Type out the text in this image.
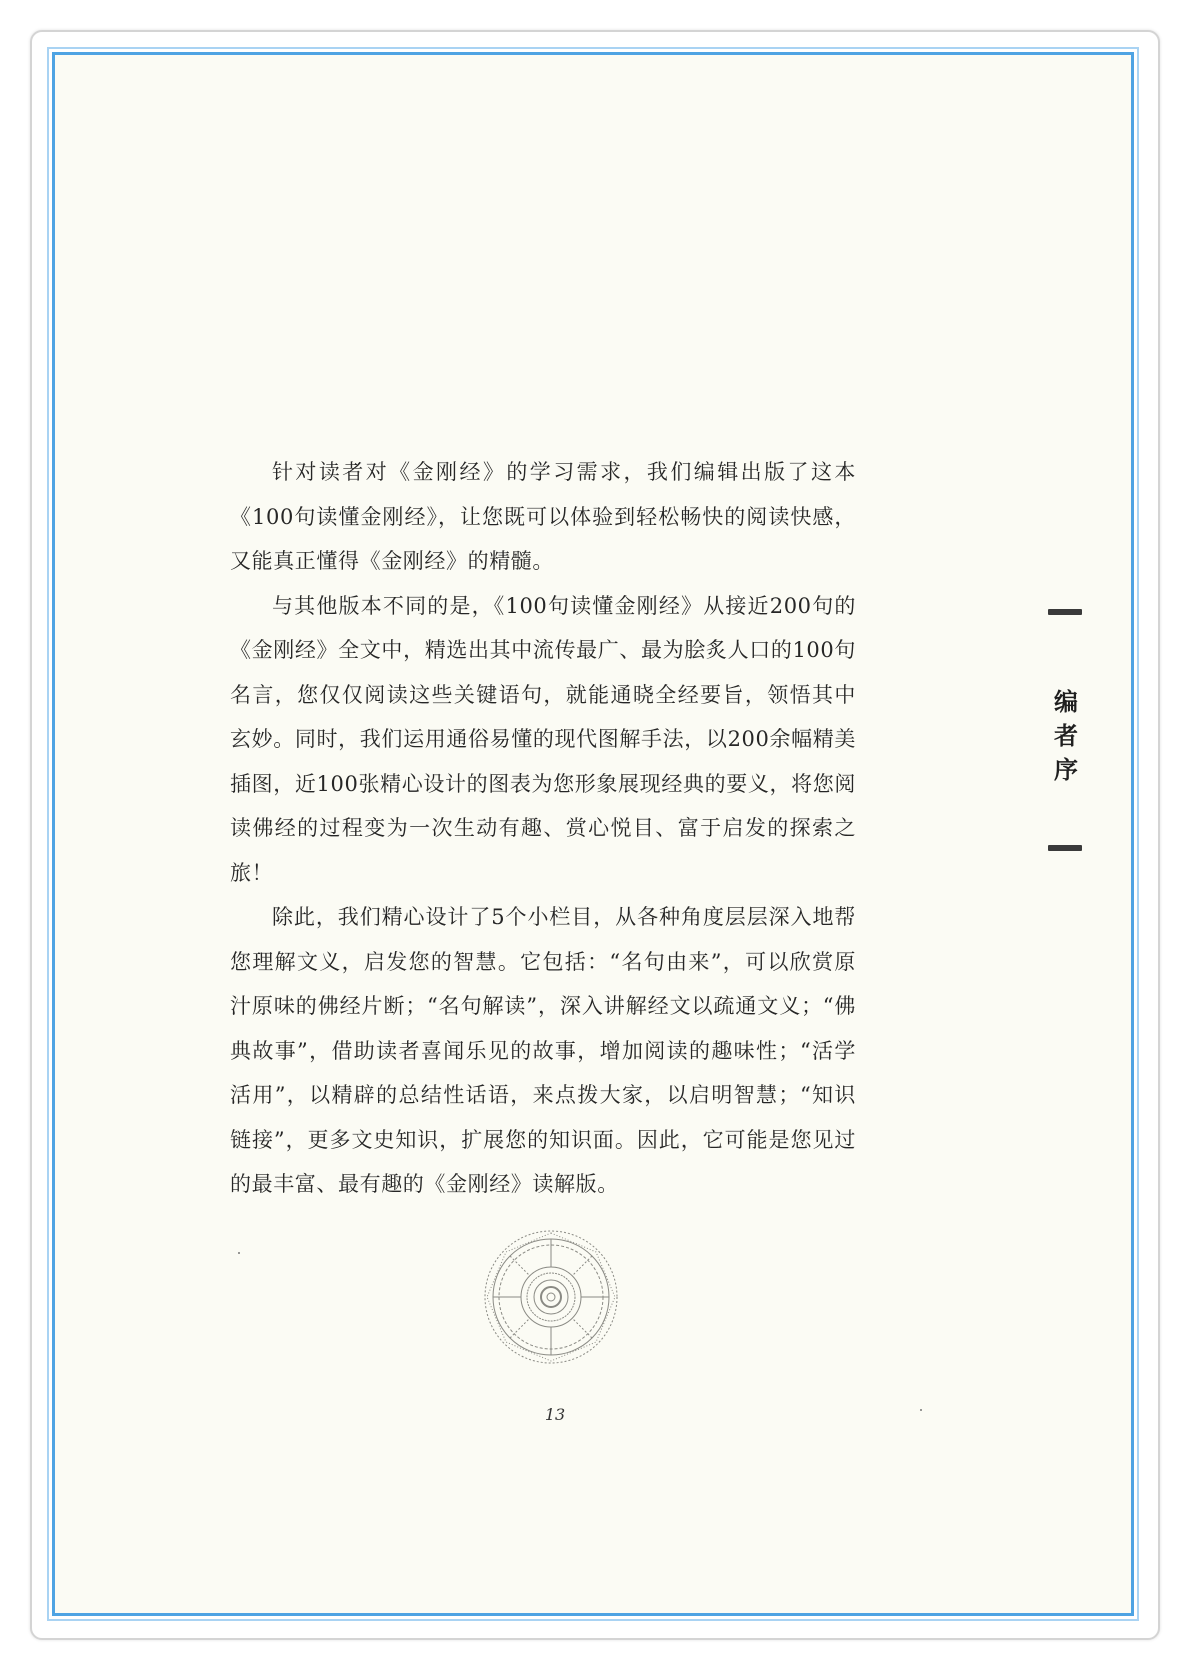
针对读者对《金刚经》的学习需求，我们编辑出版了这本《100句读懂金刚经》，让您既可以体验到轻松畅快的阅读快感，又能真正懂得《金刚经》的精髓。

与其他版本不同的是，《100句读懂金刚经》从接近200句的《金刚经》全文中，精选出其中流传最广、最为脍炙人口的100句名言，您仅仅阅读这些关键语句，就能通晓全经要旨，领悟其中玄妙。同时，我们运用通俗易懂的现代图解手法，以200余幅精美插图，近100张精心设计的图表为您形象展现经典的要义，将您阅读佛经的过程变为一次生动有趣、赏心悦目、富于启发的探索之旅！

除此，我们精心设计了5个小栏目，从各种角度层层深入地帮您理解文义，启发您的智慧。它包括：“名句由来”，可以欣赏原汁原味的佛经片断；“名句解读”，深入讲解经文以疏通文义；“佛典故事”，借助读者喜闻乐见的故事，增加阅读的趣味性；“活学活用”，以精辟的总结性话语，来点拨大家，以启明智慧；“知识链接”，更多文史知识，扩展您的知识面。因此，它可能是您见过的最丰富、最有趣的《金刚经》读解版。

编
者
序
13
